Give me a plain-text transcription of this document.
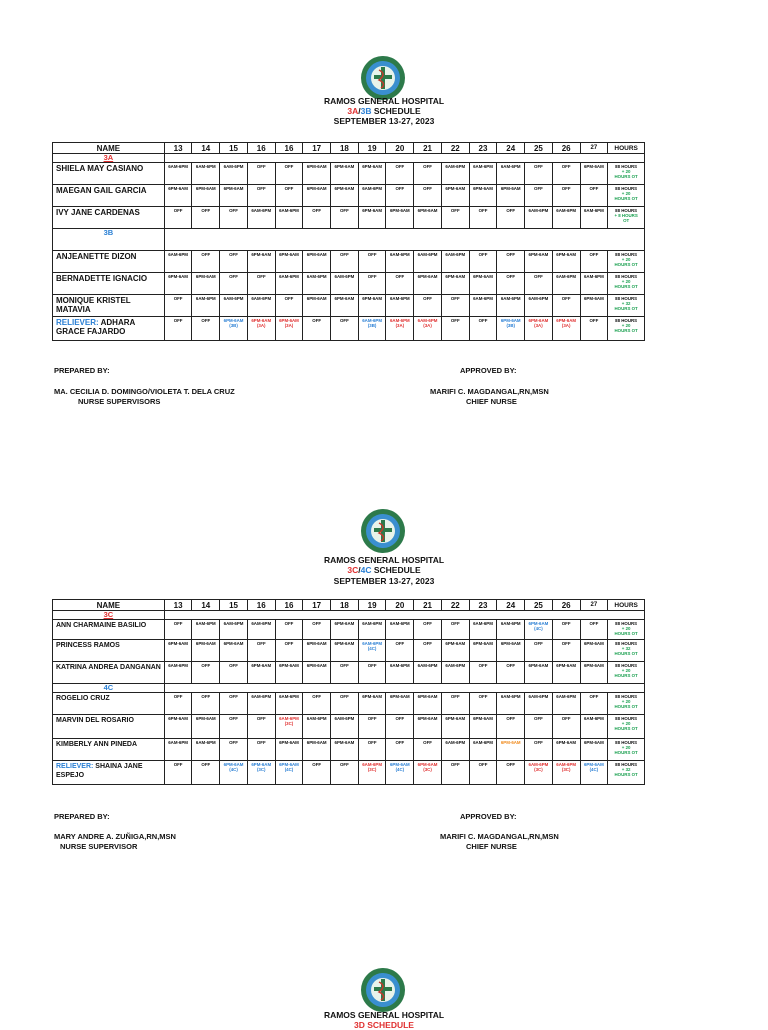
RAMOS GENERAL HOSPITAL
3A/3B SCHEDULE
SEPTEMBER 13-27, 2023
NAME	13	14	15	16	16	17	18	19	20	21	22	23	24	25	26	27	HOURS
3A																	
SHIELA MAY CASIANO	6AM-6PM	6AM-6PM	6AM-6PM	OFF	OFF	6PM-6AM	6PM-6AM	6PM-6AM	OFF	OFF	6AM-6PM	6AM-6PM	6AM-6PM	OFF	OFF	6PM-6AM	88 HOURS
+ 20
HOURS OT
MAEGAN GAIL GARCIA	6PM-6AM	6PM-6AM	6PM-6AM	OFF	OFF	6PM-6AM	6PM-6AM	6AM-6PM	OFF	OFF	6PM-6AM	6PM-6AM	6PM-6AM	OFF	OFF	OFF	88 HOURS
+ 20
HOURS OT
IVY JANE CARDENAS	OFF	OFF	OFF	6AM-6PM	6AM-6PM	OFF	OFF	6PM-6AM	6PM-6AM	6PM-6AM	OFF	OFF	OFF	6AM-6PM	6AM-6PM	6AM-6PM	88 HOURS
+ 8 HOURS
OT
3B																	
ANJEANETTE DIZON	6AM-6PM	OFF	OFF	6PM-6AM	6PM-6AM	6PM-6AM	OFF	OFF	6AM-6PM	6AM-6PM	6AM-6PM	OFF	OFF	6PM-6AM	6PM-6AM	OFF	88 HOURS
+ 20
HOURS OT
BERNADETTE IGNACIO	6PM-6AM	6PM-6AM	OFF	OFF	6AM-6PM	6AM-6PM	6AM-6PM	OFF	OFF	6PM-6AM	6PM-6AM	6PM-6AM	OFF	OFF	6AM-6PM	6AM-6PM	88 HOURS
+ 20
HOURS OT
MONIQUE KRISTEL MATAVIA	OFF	6AM-6PM	6AM-6PM	6AM-6PM	OFF	6PM-6AM	6PM-6AM	6PM-6AM	6AM-6PM	OFF	OFF	6AM-6PM	6AM-6PM	6AM-6PM	OFF	6PM-6AM	88 HOURS
+ 32
HOURS OT
RELIEVER: ADHARA GRACE FAJARDO	OFF	OFF	6PM-6AM
(3B)	6PM-6AM
(3A)	6PM-6AM
(3A)	OFF	OFF	6AM-6PM
(3B)	6AM-6PM
(3A)	6AM-6PM
(3A)	OFF	OFF	6PM-6AM
(3B)	6PM-6AM
(3A)	6PM-6AM
(3A)	OFF	88 HOURS
+ 20
HOURS OT
PREPARED BY:
MA. CECILIA D. DOMINGO/VIOLETA T. DELA CRUZ
NURSE SUPERVISORS
APPROVED BY:
MARIFI C. MAGDANGAL,RN,MSN
CHIEF NURSE
RAMOS GENERAL HOSPITAL
3C/4C SCHEDULE
SEPTEMBER 13-27, 2023
NAME	13	14	15	16	16	17	18	19	20	21	22	23	24	25	26	27	HOURS
3C																	
ANN CHARMAINE BASILIO	OFF	6AM-6PM	6AM-6PM	6AM-6PM	OFF	OFF	6PM-6AM	6AM-6PM	6AM-6PM	OFF	OFF	6AM-6PM	6AM-6PM	6PM-6AM
(4C)	OFF	OFF	88 HOURS
+ 20
HOURS OT
PRINCESS RAMOS	6PM-6AM	6PM-6AM	6PM-6AM	OFF	OFF	6PM-6AM	6PM-6AM	6AM-6PM
(4C)	OFF	OFF	6PM-6AM	6PM-6AM	6PM-6AM	OFF	OFF	6PM-6AM	88 HOURS
+ 32
HOURS OT
KATRINA ANDREA DANGANAN	6AM-6PM	OFF	OFF	6PM-6AM	6PM-6AM	6PM-6AM	OFF	OFF	6AM-6PM	6AM-6PM	6AM-6PM	OFF	OFF	6PM-6AM	6PM-6AM	6PM-6AM	88 HOURS
+ 20
HOURS OT
4C																	
ROGELIO CRUZ	OFF	OFF	OFF	6AM-6PM	6AM-6PM	OFF	OFF	6PM-6AM	6PM-6AM	6PM-6AM	OFF	OFF	6AM-6PM	6AM-6PM	6AM-6PM	OFF	88 HOURS
+ 20
HOURS OT
MARVIN DEL ROSARIO	6PM-6AM	6PM-6AM	OFF	OFF	6AM-6PM
(3C)	6AM-6PM	6AM-6PM	OFF	OFF	6PM-6AM	6PM-6AM	6PM-6AM	OFF	OFF	OFF	6AM-6PM	88 HOURS
+ 20
HOURS OT
KIMBERLY ANN PINEDA	6AM-6PM	6AM-6PM	OFF	OFF	6PM-6AM	6PM-6AM	6PM-6AM	OFF	OFF	OFF	6AM-6PM	6AM-6PM	6PM-6AM	OFF	6PM-6AM	6PM-6AM	88 HOURS
+ 20
HOURS OT
RELIEVER: SHAINA JANE ESPEJO	OFF	OFF	6PM-6AM
(4C)	6PM-6AM
(3C)	6PM-6AM
(4C)	OFF	OFF	6AM-6PM
(3C)	6PM-6AM
(4C)	6PM-6AM
(3C)	OFF	OFF	OFF	6AM-6PM
(3C)	6AM-6PM
(3C)	6PM-6AM
(4C)	88 HOURS
+ 32
HOURS OT
PREPARED BY:
MARY ANDRE A. ZUÑIGA,RN,MSN
NURSE SUPERVISOR
APPROVED BY:
MARIFI C. MAGDANGAL,RN,MSN
CHIEF NURSE
RAMOS GENERAL HOSPITAL
3D SCHEDULE
